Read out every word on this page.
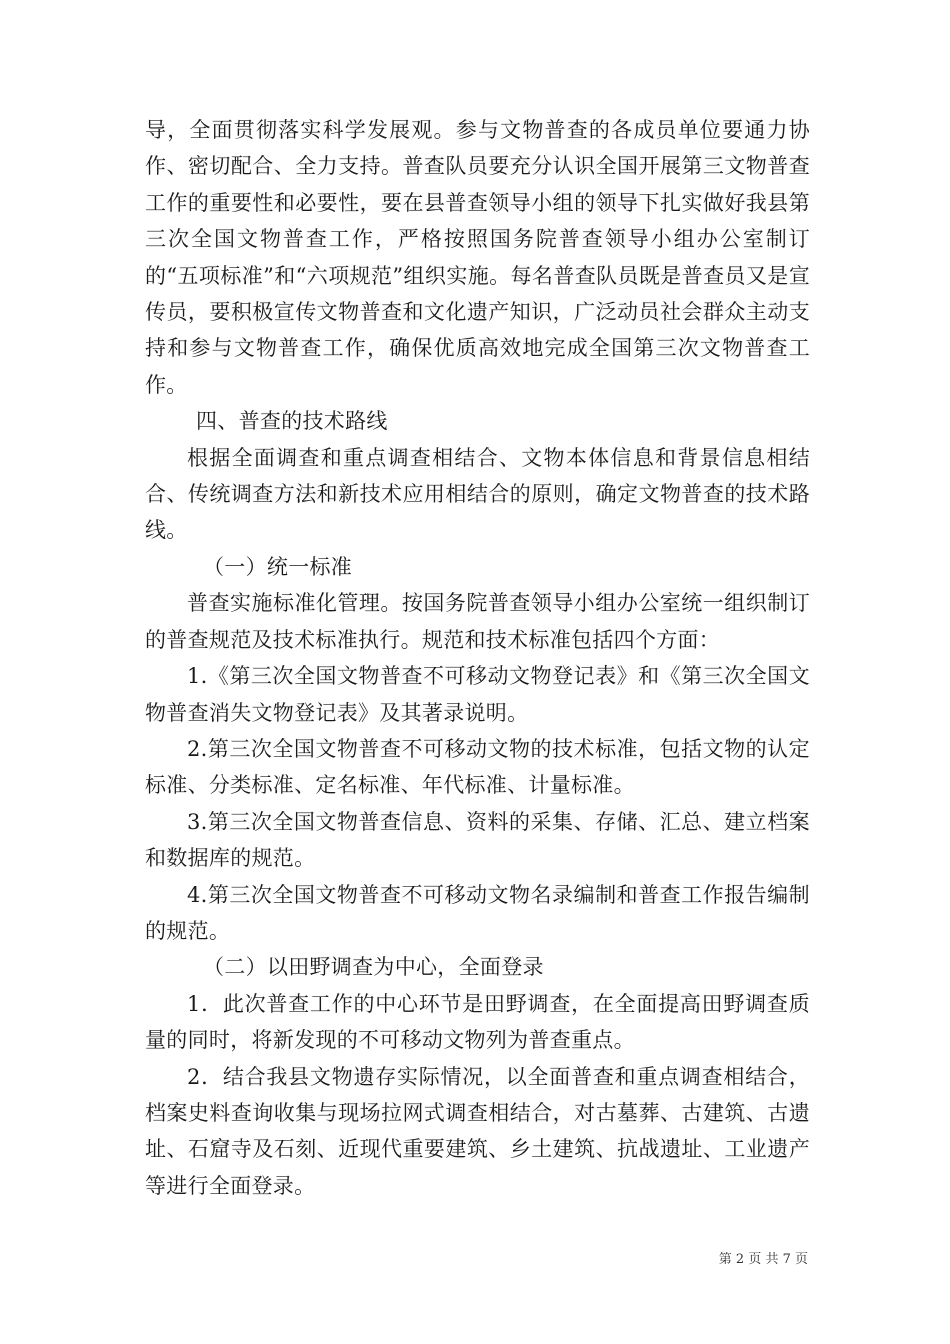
导，全面贯彻落实科学发展观。参与文物普查的各成员单位要通力协作、密切配合、全力支持。普查队员要充分认识全国开展第三文物普查工作的重要性和必要性，要在县普查领导小组的领导下扎实做好我县第三次全国文物普查工作，严格按照国务院普查领导小组办公室制订的“五项标准”和“六项规范”组织实施。每名普查队员既是普查员又是宣传员，要积极宣传文物普查和文化遗产知识，广泛动员社会群众主动支持和参与文物普查工作，确保优质高效地完成全国第三次文物普查工作。

四、普查的技术路线

根据全面调查和重点调查相结合、文物本体信息和背景信息相结合、传统调查方法和新技术应用相结合的原则，确定文物普查的技术路线。

（一）统一标准

普查实施标准化管理。按国务院普查领导小组办公室统一组织制订的普查规范及技术标准执行。规范和技术标准包括四个方面：

1.《第三次全国文物普查不可移动文物登记表》和《第三次全国文物普查消失文物登记表》及其著录说明。

2.第三次全国文物普查不可移动文物的技术标准，包括文物的认定标准、分类标准、定名标准、年代标准、计量标准。

3.第三次全国文物普查信息、资料的采集、存储、汇总、建立档案和数据库的规范。

4.第三次全国文物普查不可移动文物名录编制和普查工作报告编制的规范。

（二）以田野调查为中心，全面登录

1．此次普查工作的中心环节是田野调查，在全面提高田野调查质量的同时，将新发现的不可移动文物列为普查重点。

2．结合我县文物遗存实际情况，以全面普查和重点调查相结合，档案史料查询收集与现场拉网式调查相结合，对古墓葬、古建筑、古遗址、石窟寺及石刻、近现代重要建筑、乡土建筑、抗战遗址、工业遗产等进行全面登录。

第 2 页 共 7 页
